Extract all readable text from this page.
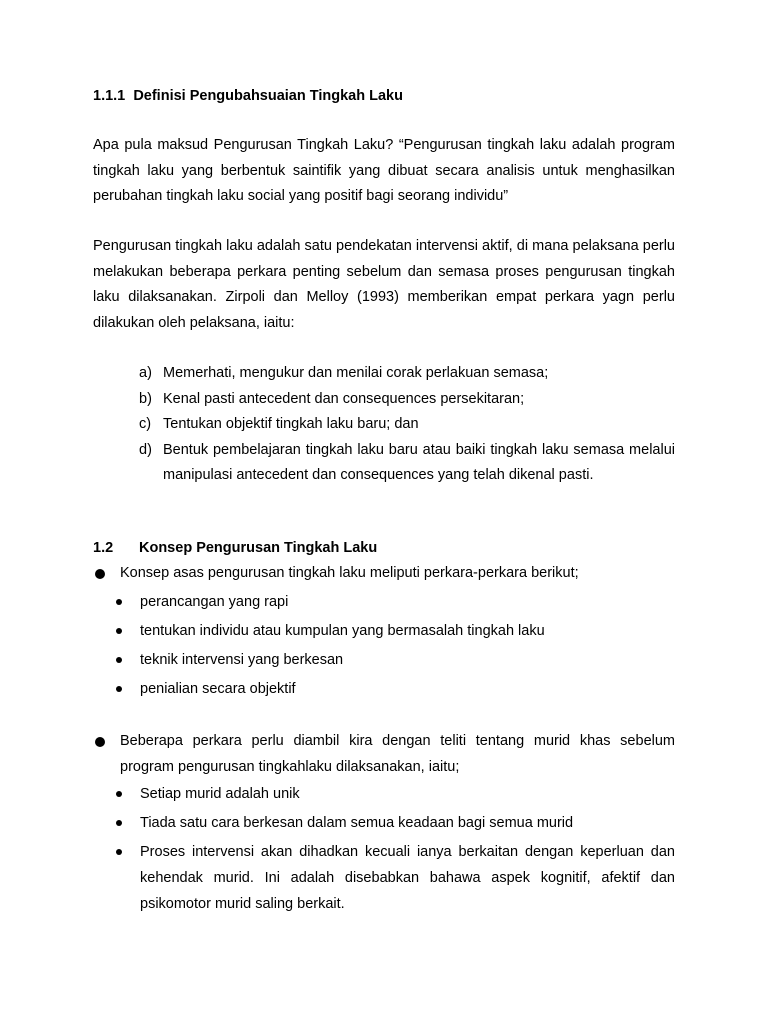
1.1.1 Definisi Pengubahsuaian Tingkah Laku

Apa pula maksud Pengurusan Tingkah Laku? “Pengurusan tingkah laku adalah program tingkah laku yang berbentuk saintifik yang dibuat secara analisis untuk menghasilkan perubahan tingkah laku social yang positif bagi seorang individu”

Pengurusan tingkah laku adalah satu pendekatan intervensi aktif, di mana pelaksana perlu melakukan beberapa perkara penting sebelum dan semasa proses pengurusan tingkah laku dilaksanakan. Zirpoli dan Melloy (1993) memberikan empat perkara yagn perlu dilakukan oleh pelaksana, iaitu:

a) Memerhati, mengukur dan menilai corak perlakuan semasa;
b) Kenal pasti antecedent dan consequences persekitaran;
c) Tentukan objektif tingkah laku baru; dan
d) Bentuk pembelajaran tingkah laku baru atau baiki tingkah laku semasa melalui manipulasi antecedent dan consequences yang telah dikenal pasti.
1.2 Konsep Pengurusan Tingkah Laku
Konsep asas pengurusan tingkah laku meliputi perkara-perkara berikut;
perancangan yang rapi
tentukan individu atau kumpulan yang bermasalah tingkah laku
teknik intervensi yang berkesan
penialian secara objektif
Beberapa perkara perlu diambil kira dengan teliti tentang murid khas sebelum program pengurusan tingkahlaku dilaksanakan, iaitu;
Setiap murid adalah unik
Tiada satu cara berkesan dalam semua keadaan bagi semua murid
Proses intervensi akan dihadkan kecuali ianya berkaitan dengan keperluan dan kehendak murid. Ini adalah disebabkan bahawa aspek kognitif, afektif dan psikomotor murid saling berkait.
